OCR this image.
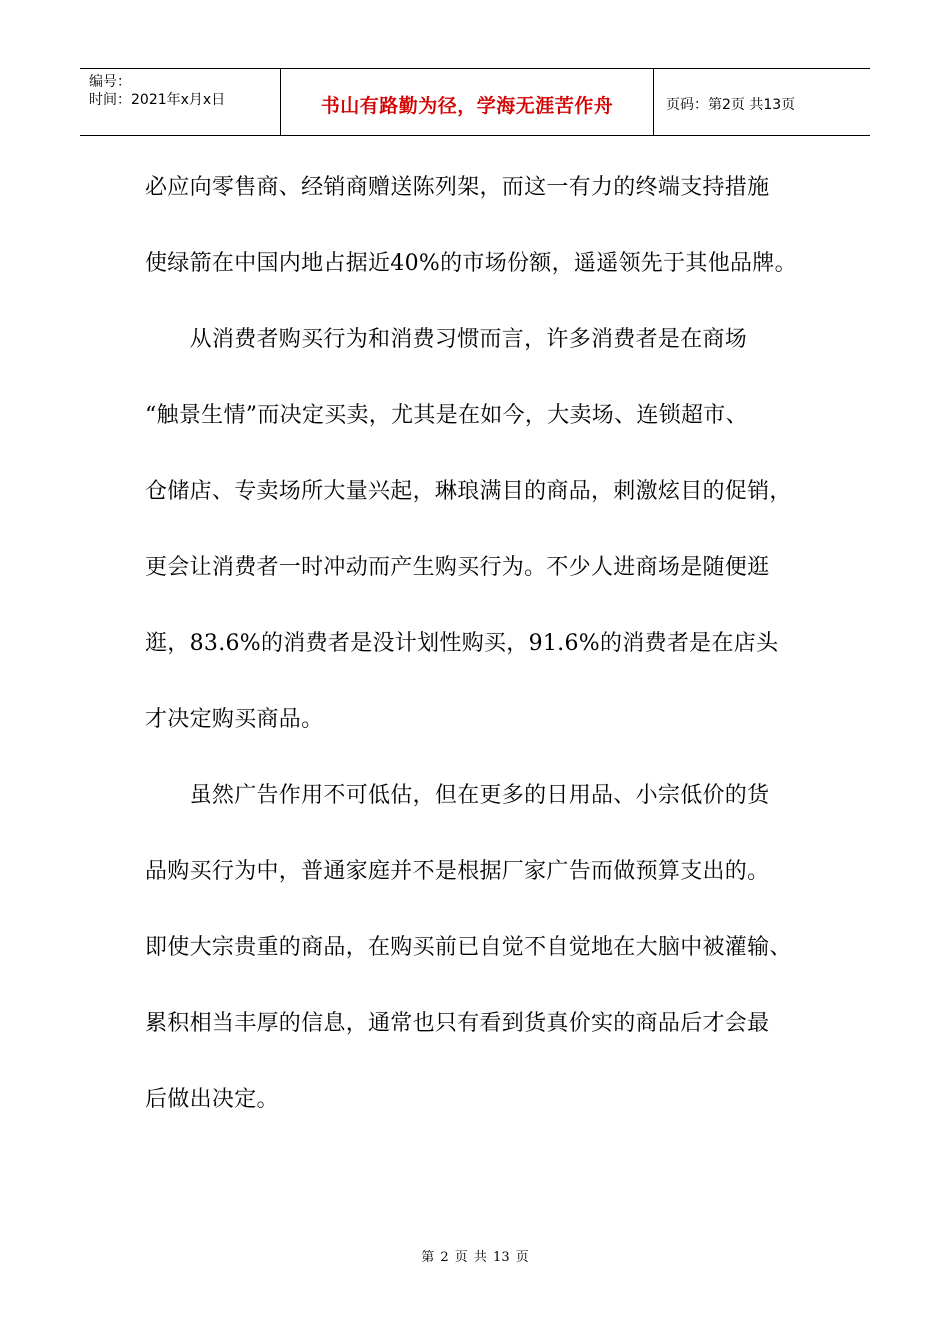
编号：
时间：2021年x月x日	书山有路勤为径，学海无涯苦作舟	页码：第2页 共13页
必应向零售商、经销商赠送陈列架，而这一有力的终端支持措施
使绿箭在中国内地占据近40%的市场份额，遥遥领先于其他品牌。
　　从消费者购买行为和消费习惯而言，许多消费者是在商场
“触景生情”而决定买卖，尤其是在如今，大卖场、连锁超市、
仓储店、专卖场所大量兴起，琳琅满目的商品，刺激炫目的促销，
更会让消费者一时冲动而产生购买行为。不少人进商场是随便逛
逛，83.6%的消费者是没计划性购买，91.6%的消费者是在店头
才决定购买商品。
　　虽然广告作用不可低估，但在更多的日用品、小宗低价的货
品购买行为中，普通家庭并不是根据厂家广告而做预算支出的。
即使大宗贵重的商品，在购买前已自觉不自觉地在大脑中被灌输、
累积相当丰厚的信息，通常也只有看到货真价实的商品后才会最
后做出决定。
第 2 页 共 13 页
